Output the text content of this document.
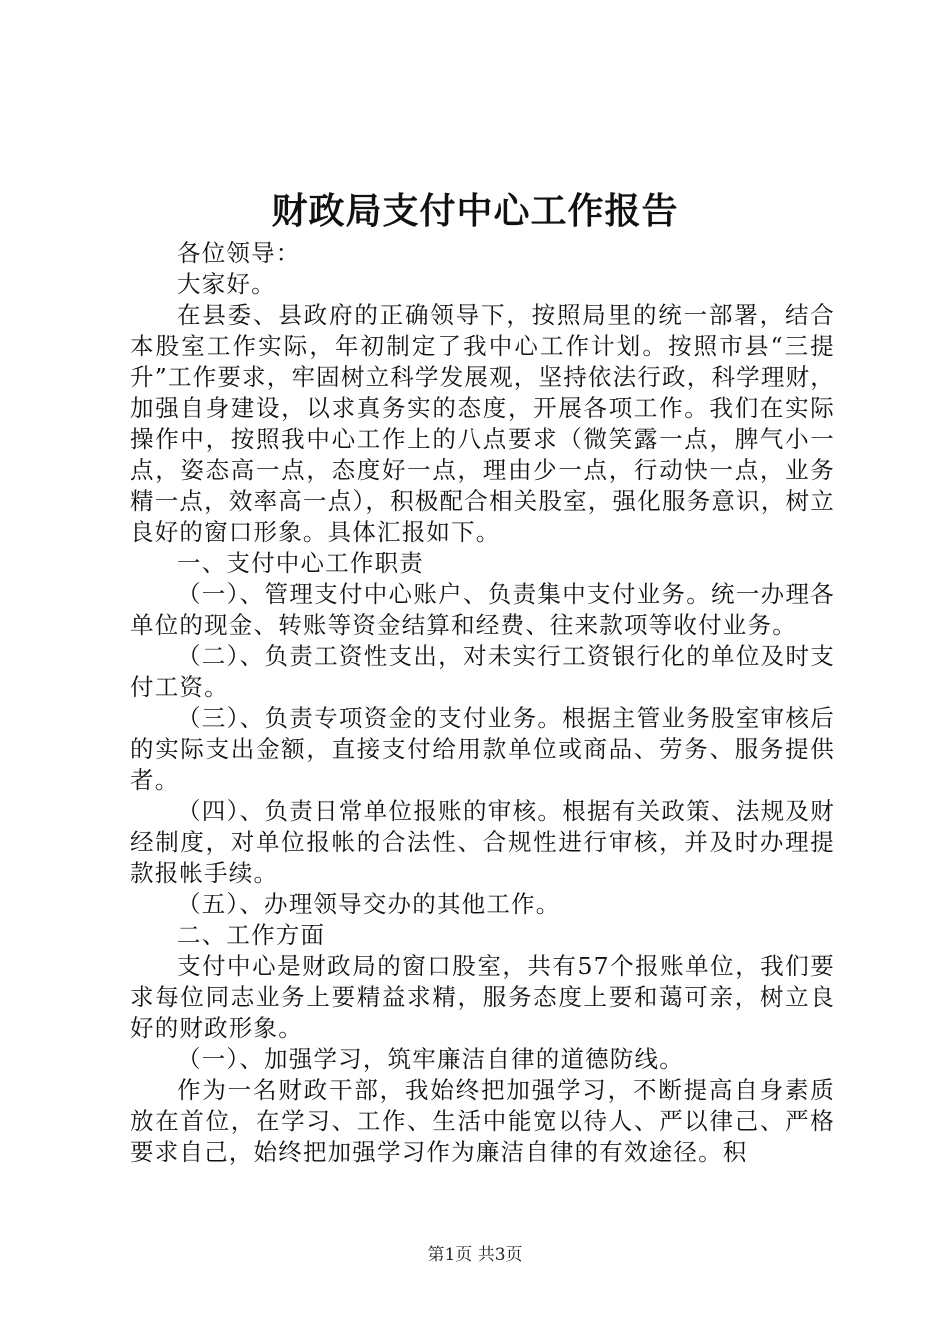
财政局支付中心工作报告

各位领导：

大家好。

在县委、县政府的正确领导下，按照局里的统一部署，结合本股室工作实际，年初制定了我中心工作计划。按照市县“三提升”工作要求，牢固树立科学发展观，坚持依法行政，科学理财，加强自身建设，以求真务实的态度，开展各项工作。我们在实际操作中，按照我中心工作上的八点要求（微笑露一点，脾气小一点，姿态高一点，态度好一点，理由少一点，行动快一点，业务精一点，效率高一点），积极配合相关股室，强化服务意识，树立良好的窗口形象。具体汇报如下。

一、支付中心工作职责

（一）、管理支付中心账户、负责集中支付业务。统一办理各单位的现金、转账等资金结算和经费、往来款项等收付业务。

（二）、负责工资性支出，对未实行工资银行化的单位及时支付工资。

（三）、负责专项资金的支付业务。根据主管业务股室审核后的实际支出金额，直接支付给用款单位或商品、劳务、服务提供者。

（四）、负责日常单位报账的审核。根据有关政策、法规及财经制度，对单位报帐的合法性、合规性进行审核，并及时办理提款报帐手续。

（五）、办理领导交办的其他工作。

二、工作方面

支付中心是财政局的窗口股室，共有57个报账单位，我们要求每位同志业务上要精益求精，服务态度上要和蔼可亲，树立良好的财政形象。

（一）、加强学习，筑牢廉洁自律的道德防线。

作为一名财政干部，我始终把加强学习，不断提高自身素质放在首位，在学习、工作、生活中能宽以待人、严以律己、严格要求自己，始终把加强学习作为廉洁自律的有效途径。积

第1页 共3页
